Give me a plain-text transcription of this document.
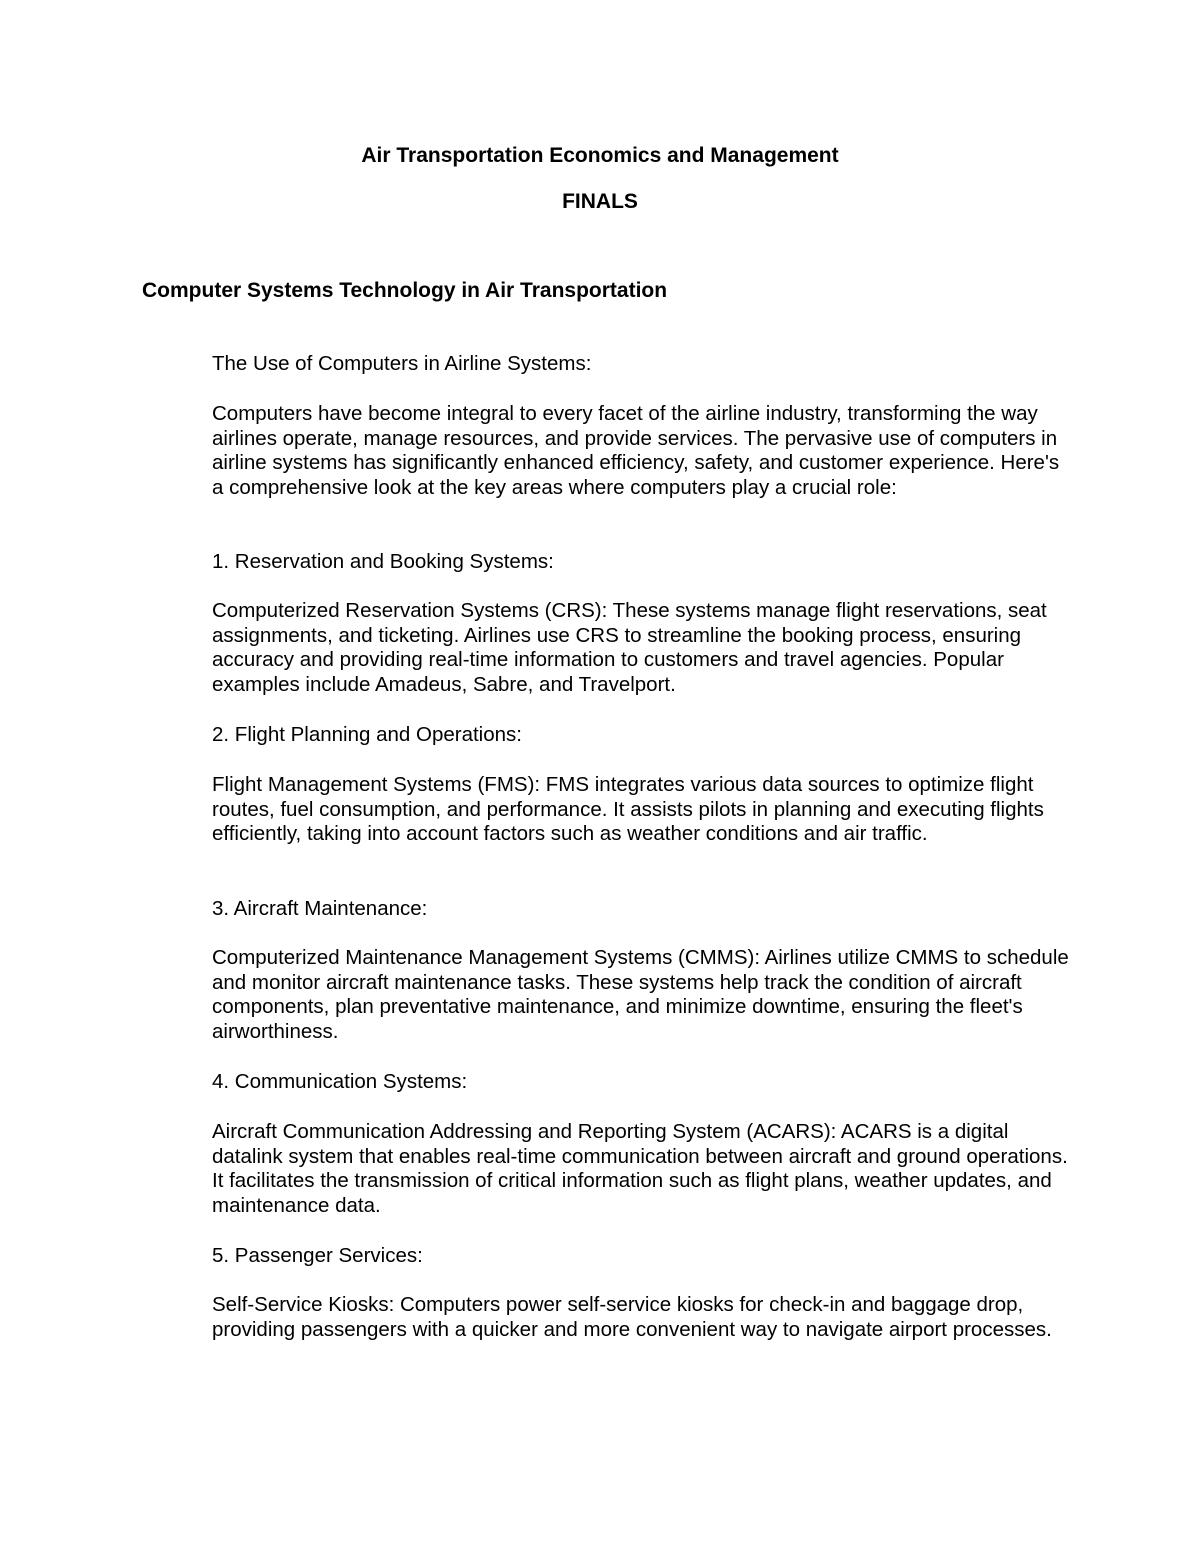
Air Transportation Economics and Management
FINALS
Computer Systems Technology in Air Transportation

The Use of Computers in Airline Systems:

Computers have become integral to every facet of the airline industry, transforming the way airlines operate, manage resources, and provide services. The pervasive use of computers in airline systems has significantly enhanced efficiency, safety, and customer experience. Here's a comprehensive look at the key areas where computers play a crucial role:

1. Reservation and Booking Systems:

Computerized Reservation Systems (CRS): These systems manage flight reservations, seat assignments, and ticketing. Airlines use CRS to streamline the booking process, ensuring accuracy and providing real-time information to customers and travel agencies. Popular examples include Amadeus, Sabre, and Travelport.

2. Flight Planning and Operations:

Flight Management Systems (FMS): FMS integrates various data sources to optimize flight routes, fuel consumption, and performance. It assists pilots in planning and executing flights efficiently, taking into account factors such as weather conditions and air traffic.

3. Aircraft Maintenance:

Computerized Maintenance Management Systems (CMMS): Airlines utilize CMMS to schedule and monitor aircraft maintenance tasks. These systems help track the condition of aircraft components, plan preventative maintenance, and minimize downtime, ensuring the fleet's airworthiness.

4. Communication Systems:

Aircraft Communication Addressing and Reporting System (ACARS): ACARS is a digital datalink system that enables real-time communication between aircraft and ground operations. It facilitates the transmission of critical information such as flight plans, weather updates, and maintenance data.

5. Passenger Services:

Self-Service Kiosks: Computers power self-service kiosks for check-in and baggage drop, providing passengers with a quicker and more convenient way to navigate airport processes.
